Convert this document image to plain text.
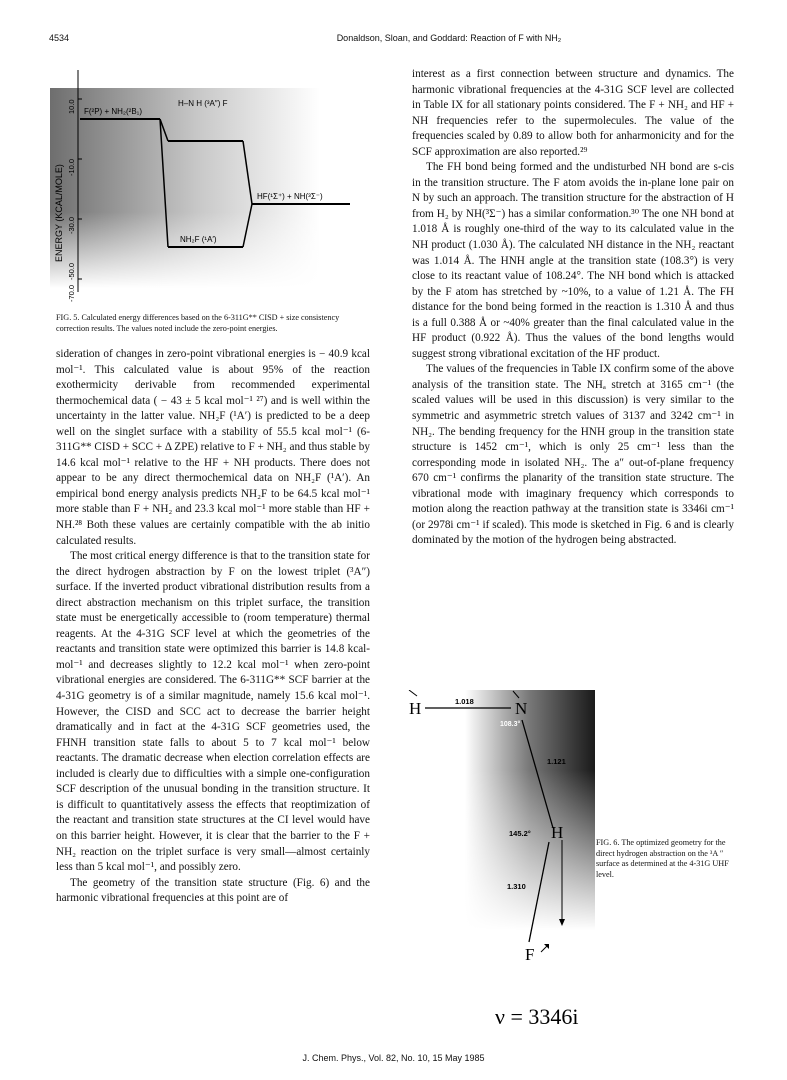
4534	Donaldson, Sloan, and Goddard: Reaction of F with NH₂
ENERGY (KCAL/MOLE)
10.0
-10.0
-30.0
-50.0
-70.0
F(²P) + NH₂(²B₁)
H–N H (³A″) F
NH₂F (¹A′)
HF(¹Σ⁺) + NH(³Σ⁻)
FIG. 5. Calculated energy differences based on the 6-311G** CISD + size consistency correction results. The values noted include the zero-point energies.

sideration of changes in zero-point vibrational energies is − 40.9 kcal mol⁻¹. This calculated value is about 95% of the reaction exothermicity derivable from recommended experimental thermochemical data ( − 43 ± 5 kcal mol⁻¹ ²⁷) and is well within the uncertainty in the latter value. NH₂F (¹A′) is predicted to be a deep well on the singlet surface with a stability of 55.5 kcal mol⁻¹ (6-311G** CISD + SCC + Δ ZPE) relative to F + NH₂ and thus stable by 14.6 kcal mol⁻¹ relative to the HF + NH products. There does not appear to be any direct thermochemical data on NH₂F (¹A′). An empirical bond energy analysis predicts NH₂F to be 64.5 kcal mol⁻¹ more stable than F + NH₂ and 23.3 kcal mol⁻¹ more stable than HF + NH.²⁸ Both these values are certainly compatible with the ab initio calculated results.

The most critical energy difference is that to the transition state for the direct hydrogen abstraction by F on the lowest triplet (³A″) surface. If the inverted product vibrational distribution results from a direct abstraction mechanism on this triplet surface, the transition state must be energetically accessible to (room temperature) thermal reagents. At the 4-31G SCF level at which the geometries of the reactants and transition state were optimized this barrier is 14.8 kcal-mol⁻¹ and decreases slightly to 12.2 kcal mol⁻¹ when zero-point vibrational energies are considered. The 6-311G** SCF barrier at the 4-31G geometry is of a similar magnitude, namely 15.6 kcal mol⁻¹. However, the CISD and SCC act to decrease the barrier height dramatically and in fact at the 4-31G SCF geometries used, the FHNH transition state falls to about 5 to 7 kcal mol⁻¹ below reactants. The dramatic decrease when election correlation effects are included is clearly due to difficulties with a simple one-configuration SCF description of the unusual bonding in the transition structure. It is difficult to quantitatively assess the effects that reoptimization of the reactant and transition state structures at the CI level would have on this barrier height. However, it is clear that the barrier to the F + NH₂ reaction on the triplet surface is very small—almost certainly less than 5 kcal mol⁻¹, and possibly zero.

The geometry of the transition state structure (Fig. 6) and the harmonic vibrational frequencies at this point are of

interest as a first connection between structure and dynamics. The harmonic vibrational frequencies at the 4-31G SCF level are collected in Table IX for all stationary points considered. The F + NH₂ and HF + NH frequencies refer to the supermolecules. The value of the frequencies scaled by 0.89 to allow both for anharmonicity and for the SCF approximation are also reported.²⁹

The FH bond being formed and the undisturbed NH bond are s-cis in the transition structure. The F atom avoids the in-plane lone pair on N by such an approach. The transition structure for the abstraction of H from H₂ by NH(³Σ⁻) has a similar conformation.³⁰ The one NH bond at 1.018 Å is roughly one-third of the way to its calculated value in the NH product (1.030 Å). The calculated NH distance in the NH₂ reactant was 1.014 Å. The HNH angle at the transition state (108.3°) is very close to its reactant value of 108.24°. The NH bond which is attacked by the F atom has stretched by ~10%, to a value of 1.21 Å. The FH distance for the bond being formed in the reaction is 1.310 Å and thus is a full 0.388 Å or ~40% greater than the final calculated value in the HF product (0.922 Å). Thus the values of the bond lengths would suggest strong vibrational excitation of the HF product.

The values of the frequencies in Table IX confirm some of the above analysis of the transition state. The NHₐ stretch at 3165 cm⁻¹ (the scaled values will be used in this discussion) is very similar to the symmetric and asymmetric stretch values of 3137 and 3242 cm⁻¹ in NH₂. The bending frequency for the HNH group in the transition state structure is 1452 cm⁻¹, which is only 25 cm⁻¹ less than the corresponding mode in isolated NH₂. The a″ out-of-plane frequency 670 cm⁻¹ confirms the planarity of the transition state structure. The vibrational mode with imaginary frequency which corresponds to motion along the reaction pathway at the transition state is 3346i cm⁻¹ (or 2978i cm⁻¹ if scaled). This mode is sketched in Fig. 6 and is clearly dominated by the motion of the hydrogen being abstracted.

H	N
1.018
108.3°
1.121
H
145.2°
1.310
F
ν = 3346i
FIG. 6. The optimized geometry for the direct hydrogen abstraction on the ³A ″ surface as determined at the 4-31G UHF level.
J. Chem. Phys., Vol. 82, No. 10, 15 May 1985
